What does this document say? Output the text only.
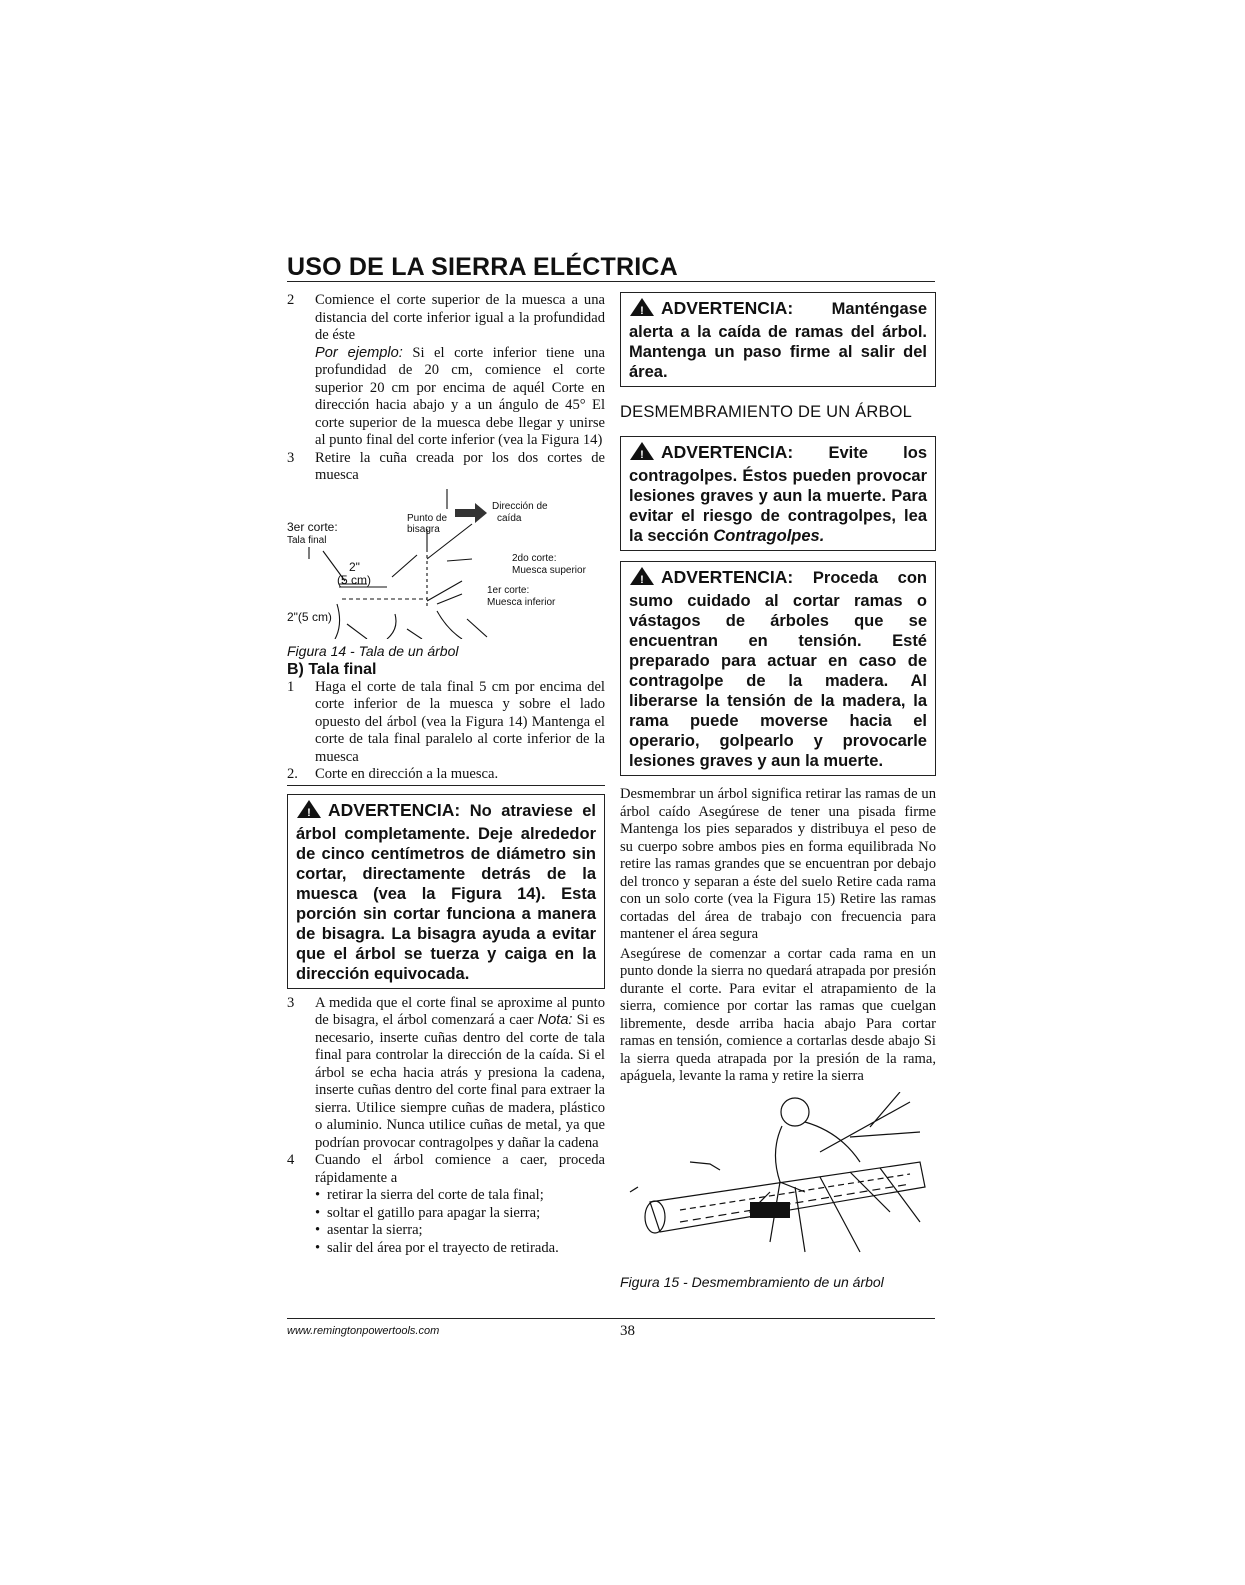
USO DE LA SIERRA ELÉCTRICA
2 Comience el corte superior de la muesca a una distancia del corte inferior igual a la profundidad de éste
Por ejemplo: Si el corte inferior tiene una profundidad de 20 cm, comience el corte superior 20 cm por encima de aquél Corte en dirección hacia abajo y a un ángulo de 45° El corte superior de la muesca debe llegar y unirse al punto final del corte inferior (vea la Figura 14)
3 Retire la cuña creada por los dos cortes de muesca
Dirección de
caída
Punto de
bisagra
3er corte:
Tala final
2"
(5 cm)
2do corte:
Muesca superior
1er corte:
Muesca inferior
2"(5 cm)
Figura 14 - Tala de un árbol
B) Tala final
1 Haga el corte de tala final 5 cm por encima del corte inferior de la muesca y sobre el lado opuesto del árbol (vea la Figura 14) Mantenga el corte de tala final paralelo al corte inferior de la muesca
2. Corte en dirección a la muesca.
! ADVERTENCIA: No atraviese el árbol completamente. Deje alrededor de cinco centímetros de diámetro sin cortar, directamente detrás de la muesca (vea la Figura 14). Esta porción sin cortar funciona a manera de bisagra. La bisagra ayuda a evitar que el árbol se tuerza y caiga en la dirección equivocada.
3 A medida que el corte final se aproxime al punto de bisagra, el árbol comenzará a caer Nota: Si es necesario, inserte cuñas dentro del corte de tala final para controlar la dirección de la caída. Si el árbol se echa hacia atrás y presiona la cadena, inserte cuñas dentro del corte final para extraer la sierra. Utilice siempre cuñas de madera, plástico o aluminio. Nunca utilice cuñas de metal, ya que podrían provocar contragolpes y dañar la cadena
4 Cuando el árbol comience a caer, proceda rápidamente a
• retirar la sierra del corte de tala final;
• soltar el gatillo para apagar la sierra;
• asentar la sierra;
• salir del área por el trayecto de retirada.
! ADVERTENCIA: Manténgase alerta a la caída de ramas del árbol. Mantenga un paso firme al salir del área.
DESMEMBRAMIENTO DE UN ÁRBOL
! ADVERTENCIA: Evite los contragolpes. Éstos pueden provocar lesiones graves y aun la muerte. Para evitar el riesgo de contragolpes, lea la sección Contragolpes.
! ADVERTENCIA: Proceda con sumo cuidado al cortar ramas o vástagos de árboles que se encuentran en tensión. Esté preparado para actuar en caso de contragolpe de la madera. Al liberarse la tensión de la madera, la rama puede moverse hacia el operario, golpearlo y provocarle lesiones graves y aun la muerte.

Desmembrar un árbol significa retirar las ramas de un árbol caído Asegúrese de tener una pisada firme Mantenga los pies separados y distribuya el peso de su cuerpo sobre ambos pies en forma equilibrada No retire las ramas grandes que se encuentran por debajo del tronco y separan a éste del suelo Retire cada rama con un solo corte (vea la Figura 15) Retire las ramas cortadas del área de trabajo con frecuencia para mantener el área segura

Asegúrese de comenzar a cortar cada rama en un punto donde la sierra no quedará atrapada por presión durante el corte. Para evitar el atrapamiento de la sierra, comience por cortar las ramas que cuelgan libremente, desde arriba hacia abajo Para cortar ramas en tensión, comience a cortarlas desde abajo Si la sierra queda atrapada por la presión de la rama, apáguela, levante la rama y retire la sierra

Figura 15 - Desmembramiento de un árbol
www.remingtonpowertools.com	38
